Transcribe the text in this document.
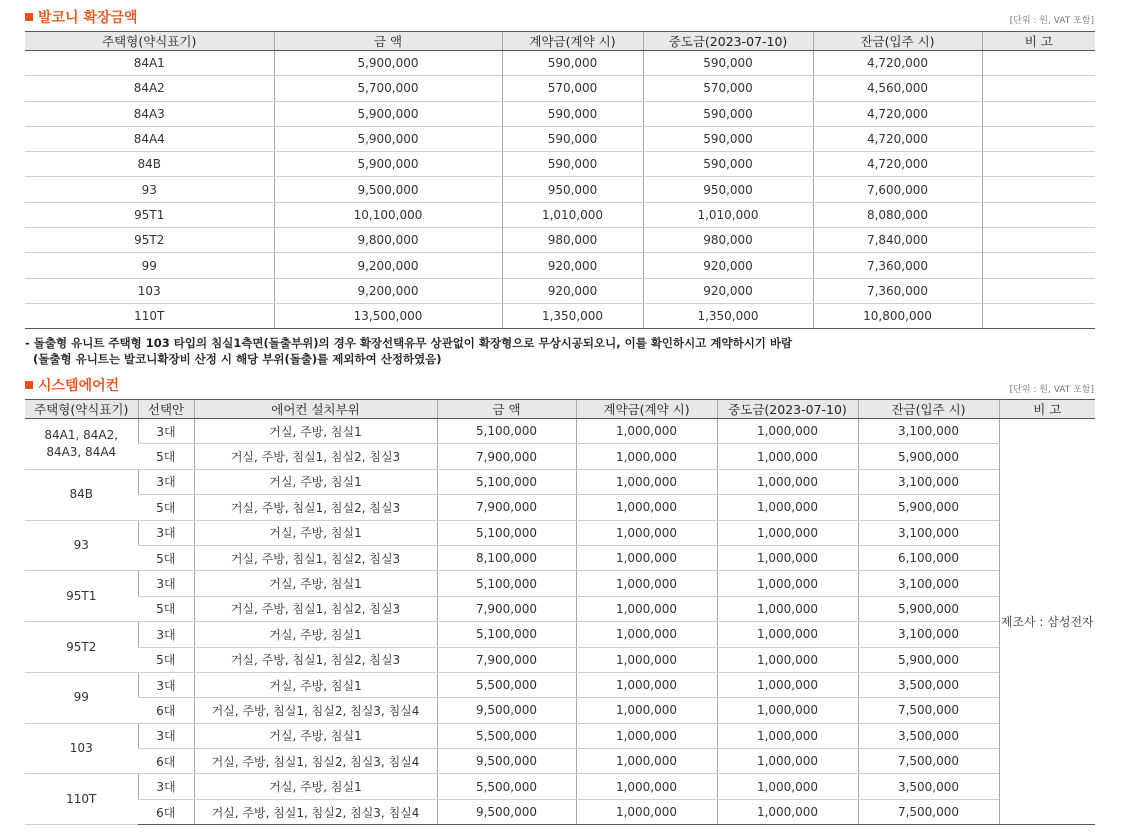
발코니 확장금액	[단위 : 원, VAT 포함]
주택형(약식표기)	금 액	계약금(계약 시)	중도금(2023-07-10)	잔금(입주 시)	비 고
84A1	5,900,000	590,000	590,000	4,720,000	
84A2	5,700,000	570,000	570,000	4,560,000	
84A3	5,900,000	590,000	590,000	4,720,000	
84A4	5,900,000	590,000	590,000	4,720,000	
84B	5,900,000	590,000	590,000	4,720,000	
93	9,500,000	950,000	950,000	7,600,000	
95T1	10,100,000	1,010,000	1,010,000	8,080,000	
95T2	9,800,000	980,000	980,000	7,840,000	
99	9,200,000	920,000	920,000	7,360,000	
103	9,200,000	920,000	920,000	7,360,000	
110T	13,500,000	1,350,000	1,350,000	10,800,000	
- 돌출형 유니트 주택형 103 타입의 침실1측면(돌출부위)의 경우 확장선택유무 상관없이 확장형으로 무상시공되오니, 이를 확인하시고 계약하시기 바람
(돌출형 유니트는 발코니확장비 산정 시 해당 부위(돌출)를 제외하여 산정하였음)
시스템에어컨	[단위 : 원, VAT 포함]
주택형(약식표기)	선택안	에어컨 설치부위	금 액	계약금(계약 시)	중도금(2023-07-10)	잔금(입주 시)	비 고
84A1, 84A2,
84A3, 84A4	3대	거실, 주방, 침실1	5,100,000	1,000,000	1,000,000	3,100,000	제조사 : 삼성전자
	5대	거실, 주방, 침실1, 침실2, 침실3	7,900,000	1,000,000	1,000,000	5,900,000	
84B	3대	거실, 주방, 침실1	5,100,000	1,000,000	1,000,000	3,100,000	
	5대	거실, 주방, 침실1, 침실2, 침실3	7,900,000	1,000,000	1,000,000	5,900,000	
93	3대	거실, 주방, 침실1	5,100,000	1,000,000	1,000,000	3,100,000	
	5대	거실, 주방, 침실1, 침실2, 침실3	8,100,000	1,000,000	1,000,000	6,100,000	
95T1	3대	거실, 주방, 침실1	5,100,000	1,000,000	1,000,000	3,100,000	
	5대	거실, 주방, 침실1, 침실2, 침실3	7,900,000	1,000,000	1,000,000	5,900,000	
95T2	3대	거실, 주방, 침실1	5,100,000	1,000,000	1,000,000	3,100,000	
	5대	거실, 주방, 침실1, 침실2, 침실3	7,900,000	1,000,000	1,000,000	5,900,000	
99	3대	거실, 주방, 침실1	5,500,000	1,000,000	1,000,000	3,500,000	
	6대	거실, 주방, 침실1, 침실2, 침실3, 침실4	9,500,000	1,000,000	1,000,000	7,500,000	
103	3대	거실, 주방, 침실1	5,500,000	1,000,000	1,000,000	3,500,000	
	6대	거실, 주방, 침실1, 침실2, 침실3, 침실4	9,500,000	1,000,000	1,000,000	7,500,000	
110T	3대	거실, 주방, 침실1	5,500,000	1,000,000	1,000,000	3,500,000	
	6대	거실, 주방, 침실1, 침실2, 침실3, 침실4	9,500,000	1,000,000	1,000,000	7,500,000	
